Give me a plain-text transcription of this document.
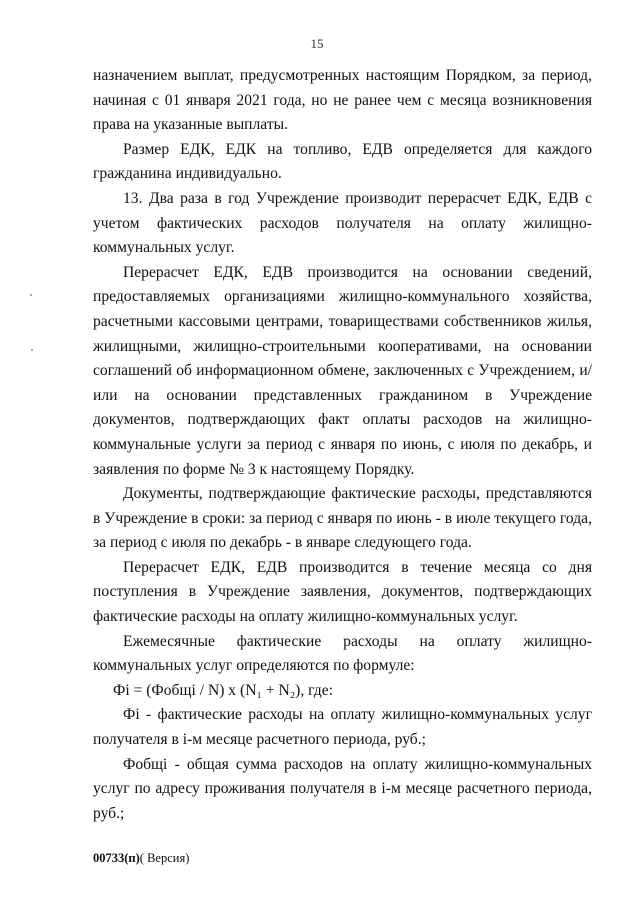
15

назначением выплат, предусмотренных настоящим Порядком, за период, начиная с 01 января 2021 года, но не ранее чем с месяца возникновения права на указанные выплаты.

Размер ЕДК, ЕДК на топливо, ЕДВ определяется для каждого гражданина индивидуально.

13. Два раза в год Учреждение производит перерасчет ЕДК, ЕДВ с учетом фактических расходов получателя на оплату жилищно-коммунальных услуг.

Перерасчет ЕДК, ЕДВ производится на основании сведений, предоставляемых организациями жилищно-коммунального хозяйства, расчетными кассовыми центрами, товариществами собственников жилья, жилищными, жилищно-строительными кооперативами, на основании соглашений об информационном обмене, заключенных с Учреждением, и/или на основании представленных гражданином в Учреждение документов, подтверждающих факт оплаты расходов на жилищно-коммунальные услуги за период с января по июнь, с июля по декабрь, и заявления по форме № 3 к настоящему Порядку.

Документы, подтверждающие фактические расходы, представляются в Учреждение в сроки: за период с января по июнь - в июле текущего года, за период с июля по декабрь - в январе следующего года.

Перерасчет ЕДК, ЕДВ производится в течение месяца со дня поступления в Учреждение заявления, документов, подтверждающих фактические расходы на оплату жилищно-коммунальных услуг.

Ежемесячные фактические расходы на оплату жилищно-коммунальных услуг определяются по формуле:

Фi = (Фобщi / N) x (N₁ + N₂), где:

Фi - фактические расходы на оплату жилищно-коммунальных услуг получателя в i-м месяце расчетного периода, руб.;

Фобщi - общая сумма расходов на оплату жилищно-коммунальных услуг по адресу проживания получателя в i-м месяце расчетного периода, руб.;

00733(п)( Версия)
